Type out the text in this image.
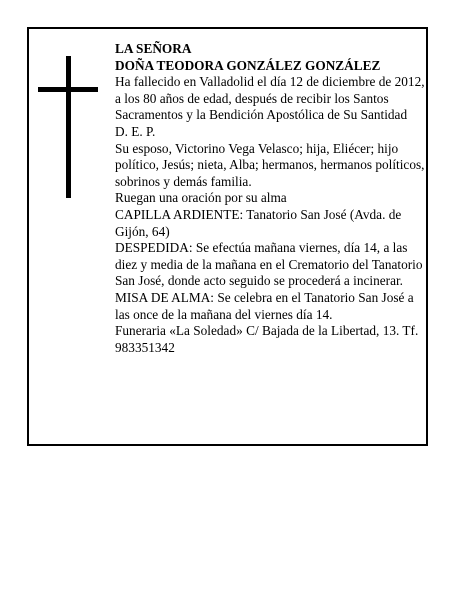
LA SEÑORA

DOÑA TEODORA GONZÁLEZ GONZÁLEZ

Ha fallecido en Valladolid el día 12 de diciembre de 2012, a los 80 años de edad, después de recibir los Santos Sacramentos y la Bendición Apostólica de Su Santidad

D. E. P.

Su esposo, Victorino Vega Velasco; hija, Eliécer; hijo político, Jesús; nieta, Alba; hermanos, hermanos políticos, sobrinos y demás familia.

Ruegan una oración por su alma

CAPILLA ARDIENTE: Tanatorio San José (Avda. de Gijón, 64)

DESPEDIDA: Se efectúa mañana viernes, día 14, a las diez y media de la mañana en el Crematorio del Tanatorio San José, donde acto seguido se procederá a incinerar.

MISA DE ALMA: Se celebra en el Tanatorio San José a las once de la mañana del viernes día 14.

Funeraria «La Soledad» C/ Bajada de la Libertad, 13. Tf. 983351342
